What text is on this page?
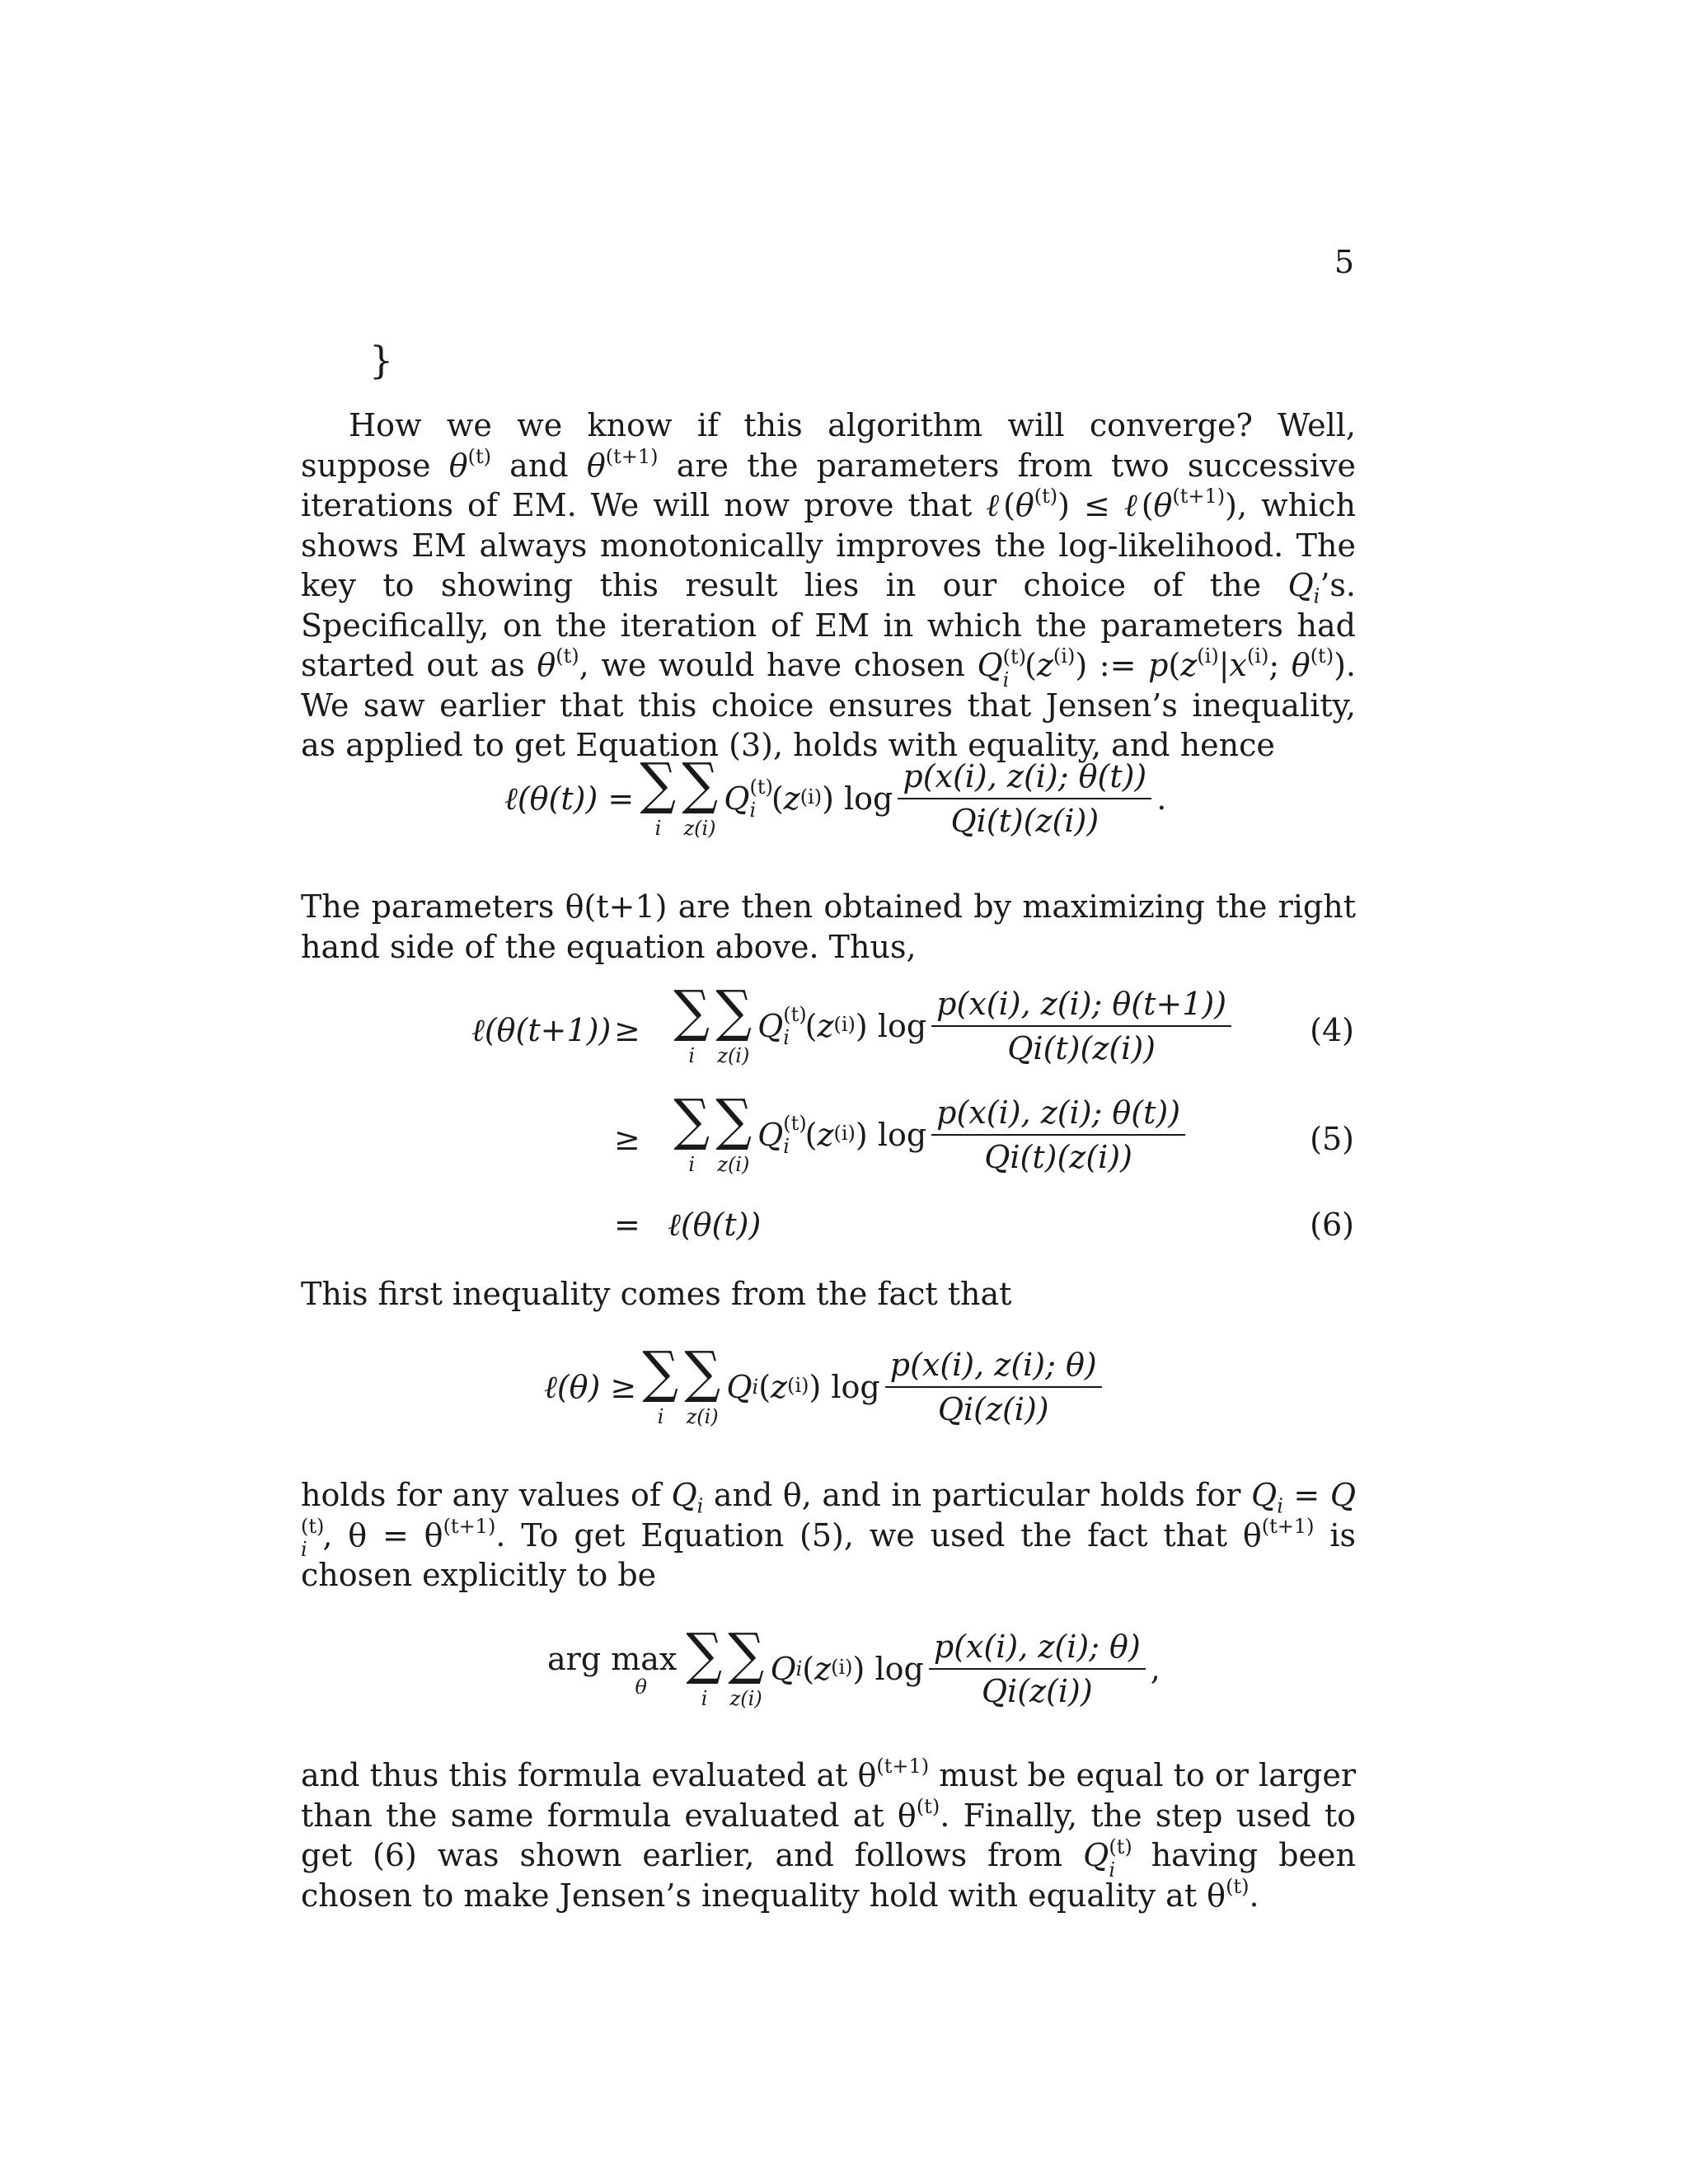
5
}

How we we know if this algorithm will converge? Well, suppose $\theta^{(t)}$ and $\theta^{(t+1)}$ are the parameters from two successive iterations of EM. We will now prove that $\ell(\theta^{(t)})$ ≤ $\ell(\theta^{(t+1)})$, which shows EM always monotonically improves the log-likelihood. The key to showing this result lies in our choice of the $Q_i’s$. Specifically, on the iteration of EM in which the parameters had started out as $\theta^{(t)}$, we would have chosen Q (t)
i $(z^{(i)})$ := $p(z^{(i)}|x^{(i)}$; $\theta^{(t)}$). We saw earlier that this choice ensures that Jensen’s inequality, as applied to get Equation (3), holds with equality, and hence

ℓ(θ(t)) = ∑
i
∑
z(i)
Q (t)
i ( $z^{(i)}$ ) $\log \frac{p(x(i), z(i); \theta(t))}{Qi(t)(z(i))}$ .

The parameters θ(t+1) are then obtained by maximizing the right hand side of the equation above. Thus,

ℓ(θ(t+1)) ≥ ∑
i
∑
z(i)
Q (t)
i ( $z^{(i)}$ ) $\log \frac{p(x(i), z(i); \theta(t+1))}{Qi(t)(z(i))}$	(4)
≥ ∑
i
∑
z(i)
Q (t)
i ( $z^{(i)}$ ) $\log \frac{p(x(i), z(i); \theta(t))}{Qi(t)(z(i))}$	(5)
= ℓ(θ(t))	(6)

This first inequality comes from the fact that

ℓ(θ) ≥ ∑
i
∑
z(i)
Q i ( $z^{(i)}$ ) $\log \frac{p(x(i), z(i); \theta)}{Qi(z(i))}$

holds for any values of $Q_i$ and θ, and in particular holds for $Q_i = Q$
(t)
i , $\theta = \theta^{(t+1)}$. To get Equation (5), we used the fact that $\theta^{(t+1)}$ is chosen explicitly to be

arg max
θ ∑
i
∑
z(i)
Q i ( $z^{(i)}$ ) $\log \frac{p(x(i), z(i); \theta)}{Qi(z(i))}$ ,

and thus this formula evaluated at $\theta^{(t+1)}$ must be equal to or larger than the same formula evaluated at $\theta^{(t)}$. Finally, the step used to get (6) was shown earlier, and follows from Q (t)
i having been chosen to make Jensen’s inequality hold with equality at $\theta^{(t)}$.
